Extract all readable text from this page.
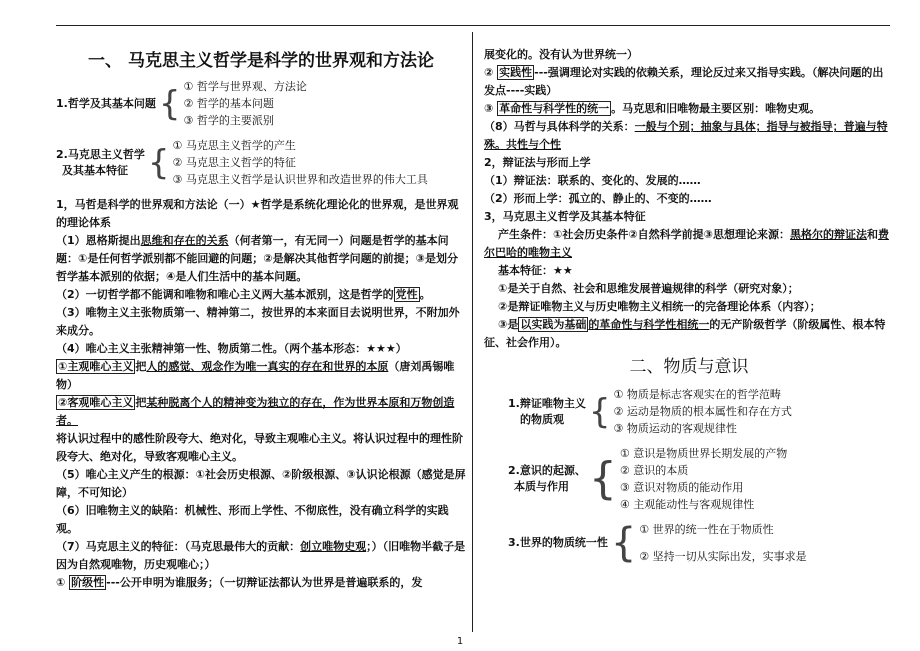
一、 马克思主义哲学是科学的世界观和方法论
1.哲学及其基本问题 { ① 哲学与世界观、方法论
② 哲学的基本问题
③ 哲学的主要派别
2.马克思主义哲学
及其基本特征 { ① 马克思主义哲学的产生
② 马克思主义哲学的特征
③ 马克思主义哲学是认识世界和改造世界的伟大工具

1，马哲是科学的世界观和方法论（一）★哲学是系统化理论化的世界观，是世界观的理论体系

（1）恩格斯提出思维和存在的关系（何者第一，有无同一）问题是哲学的基本问题：①是任何哲学派别都不能回避的问题；②是解决其他哲学问题的前提；③是划分哲学基本派别的依据；④是人们生活中的基本问题。

（2）一切哲学都不能调和唯物和唯心主义两大基本派别，这是哲学的 党性 。

（3）唯物主义主张物质第一、精神第二，按世界的本来面目去说明世界，不附加外来成分。

（4）唯心主义主张精神第一性、物质第二性。（两个基本形态：★★★）

①主观唯心主义 把人的感觉、观念作为唯一真实的存在和世界的本原（唐刘禹锡唯物）

②客观唯心主义 把某种脱离个人的精神变为独立的存在，作为世界本原和万物创造者。

将认识过程中的感性阶段夸大、绝对化，导致主观唯心主义。将认识过程中的理性阶段夸大、绝对化，导致客观唯心主义。

（5）唯心主义产生的根源：①社会历史根源、②阶级根源、③认识论根源（感觉是屏障，不可知论）

（6）旧唯物主义的缺陷：机械性、形而上学性、不彻底性，没有确立科学的实践观。

（7）马克思主义的特征：（马克思最伟大的贡献：创立唯物史观；）（旧唯物半截子是因为自然观唯物，历史观唯心；）

① 阶级性 ---公开申明为谁服务；（一切辩证法都认为世界是普遍联系的，发

展变化的。没有认为世界统一）

② 实践性 ---强调理论对实践的依赖关系，理论反过来又指导实践。（解决问题的出发点----实践）

③ 革命性与科学性的统一 。马克思和旧唯物最主要区别：唯物史观。

（8）马哲与具体科学的关系：一般与个别；抽象与具体；指导与被指导；普遍与特殊。共性与个性

2，辩证法与形而上学

（1）辩证法：联系的、变化的、发展的……

（2）形而上学：孤立的、静止的、不变的……

3，马克思主义哲学及其基本特征

产生条件：①社会历史条件②自然科学前提③思想理论来源：黑格尔的辩证法和费尔巴哈的唯物主义

基本特征：★★

①是关于自然、社会和思维发展普遍规律的科学（研究对象）；

②是辩证唯物主义与历史唯物主义相统一的完备理论体系（内容）；

③是 以实践为基础 的革命性与科学性相统一的无产阶级哲学（阶级属性、根本特征、社会作用）。

二、物质与意识
1.辩证唯物主义
的物质观 { ① 物质是标志客观实在的哲学范畴
② 运动是物质的根本属性和存在方式
③ 物质运动的客观规律性
2.意识的起源、
本质与作用 { ① 意识是物质世界长期发展的产物
② 意识的本质
③ 意识对物质的能动作用
④ 主观能动性与客观规律性
3.世界的物质统一性 { ① 世界的统一性在于物质性
② 坚持一切从实际出发，实事求是
1
